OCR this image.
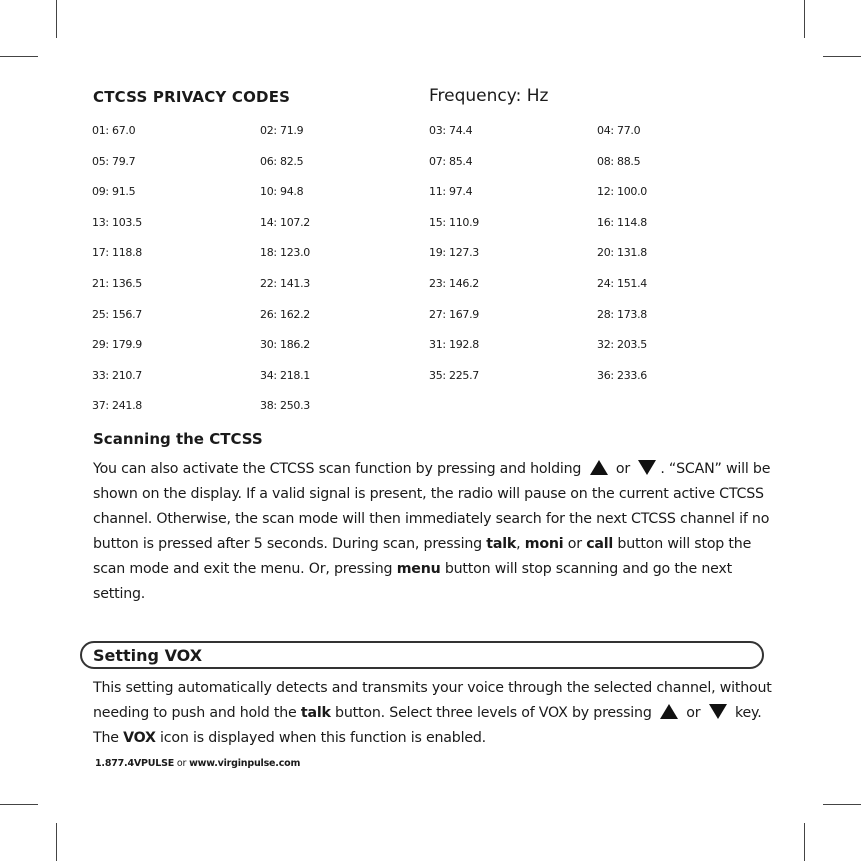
CTCSS PRIVACY CODES	Frequency: Hz
01: 67.0	02: 71.9	03: 74.4	04: 77.0
05: 79.7	06: 82.5	07: 85.4	08: 88.5
09: 91.5	10: 94.8	11: 97.4	12: 100.0
13: 103.5	14: 107.2	15: 110.9	16: 114.8
17: 118.8	18: 123.0	19: 127.3	20: 131.8
21: 136.5	22: 141.3	23: 146.2	24: 151.4
25: 156.7	26: 162.2	27: 167.9	28: 173.8
29: 179.9	30: 186.2	31: 192.8	32: 203.5
33: 210.7	34: 218.1	35: 225.7	36: 233.6
37: 241.8	38: 250.3
Scanning the CTCSS
You can also activate the CTCSS scan function by pressing and holding or . “SCAN” will be shown on the display. If a valid signal is present, the radio will pause on the current active CTCSS channel. Otherwise, the scan mode will then immediately search for the next CTCSS channel if no button is pressed after 5 seconds. During scan, pressing talk, moni or call button will stop the scan mode and exit the menu. Or, pressing menu button will stop scanning and go the next setting.
Setting VOX
This setting automatically detects and transmits your voice through the selected channel, without needing to push and hold the talk button. Select three levels of VOX by pressing or key. The VOX icon is displayed when this function is enabled.
1.877.4VPULSE or www.virginpulse.com
